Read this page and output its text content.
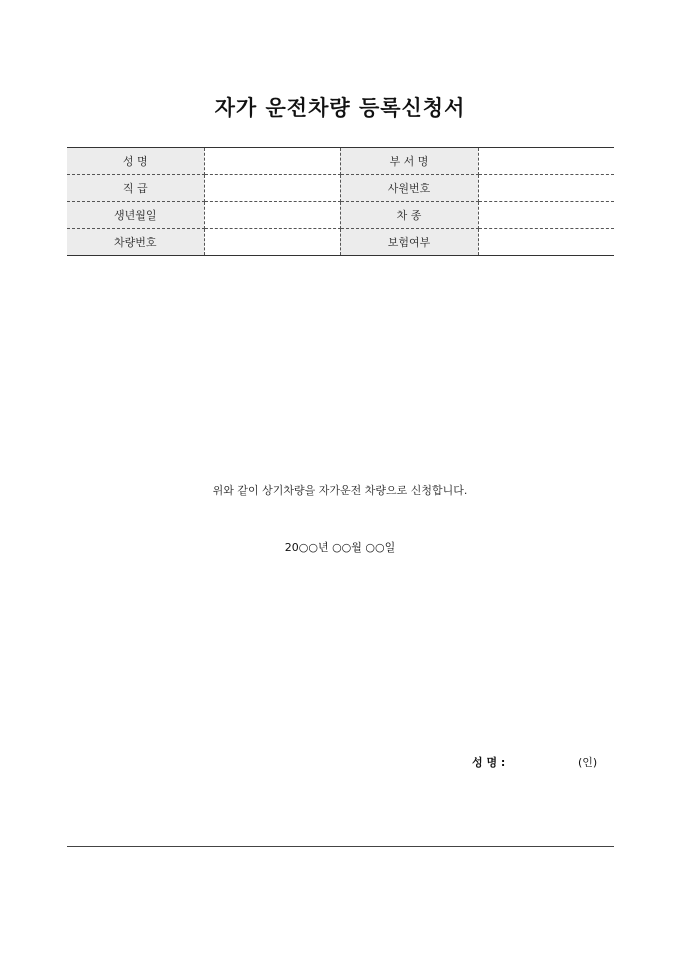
자가 운전차량 등록신청서
성 명		부 서 명	
직 급		사원번호	
생년월일		차 종	
차량번호		보험여부	
위와 같이 상기차량을 자가운전 차량으로 신청합니다.
20○○년 ○○월 ○○일
성 명 :	(인)
